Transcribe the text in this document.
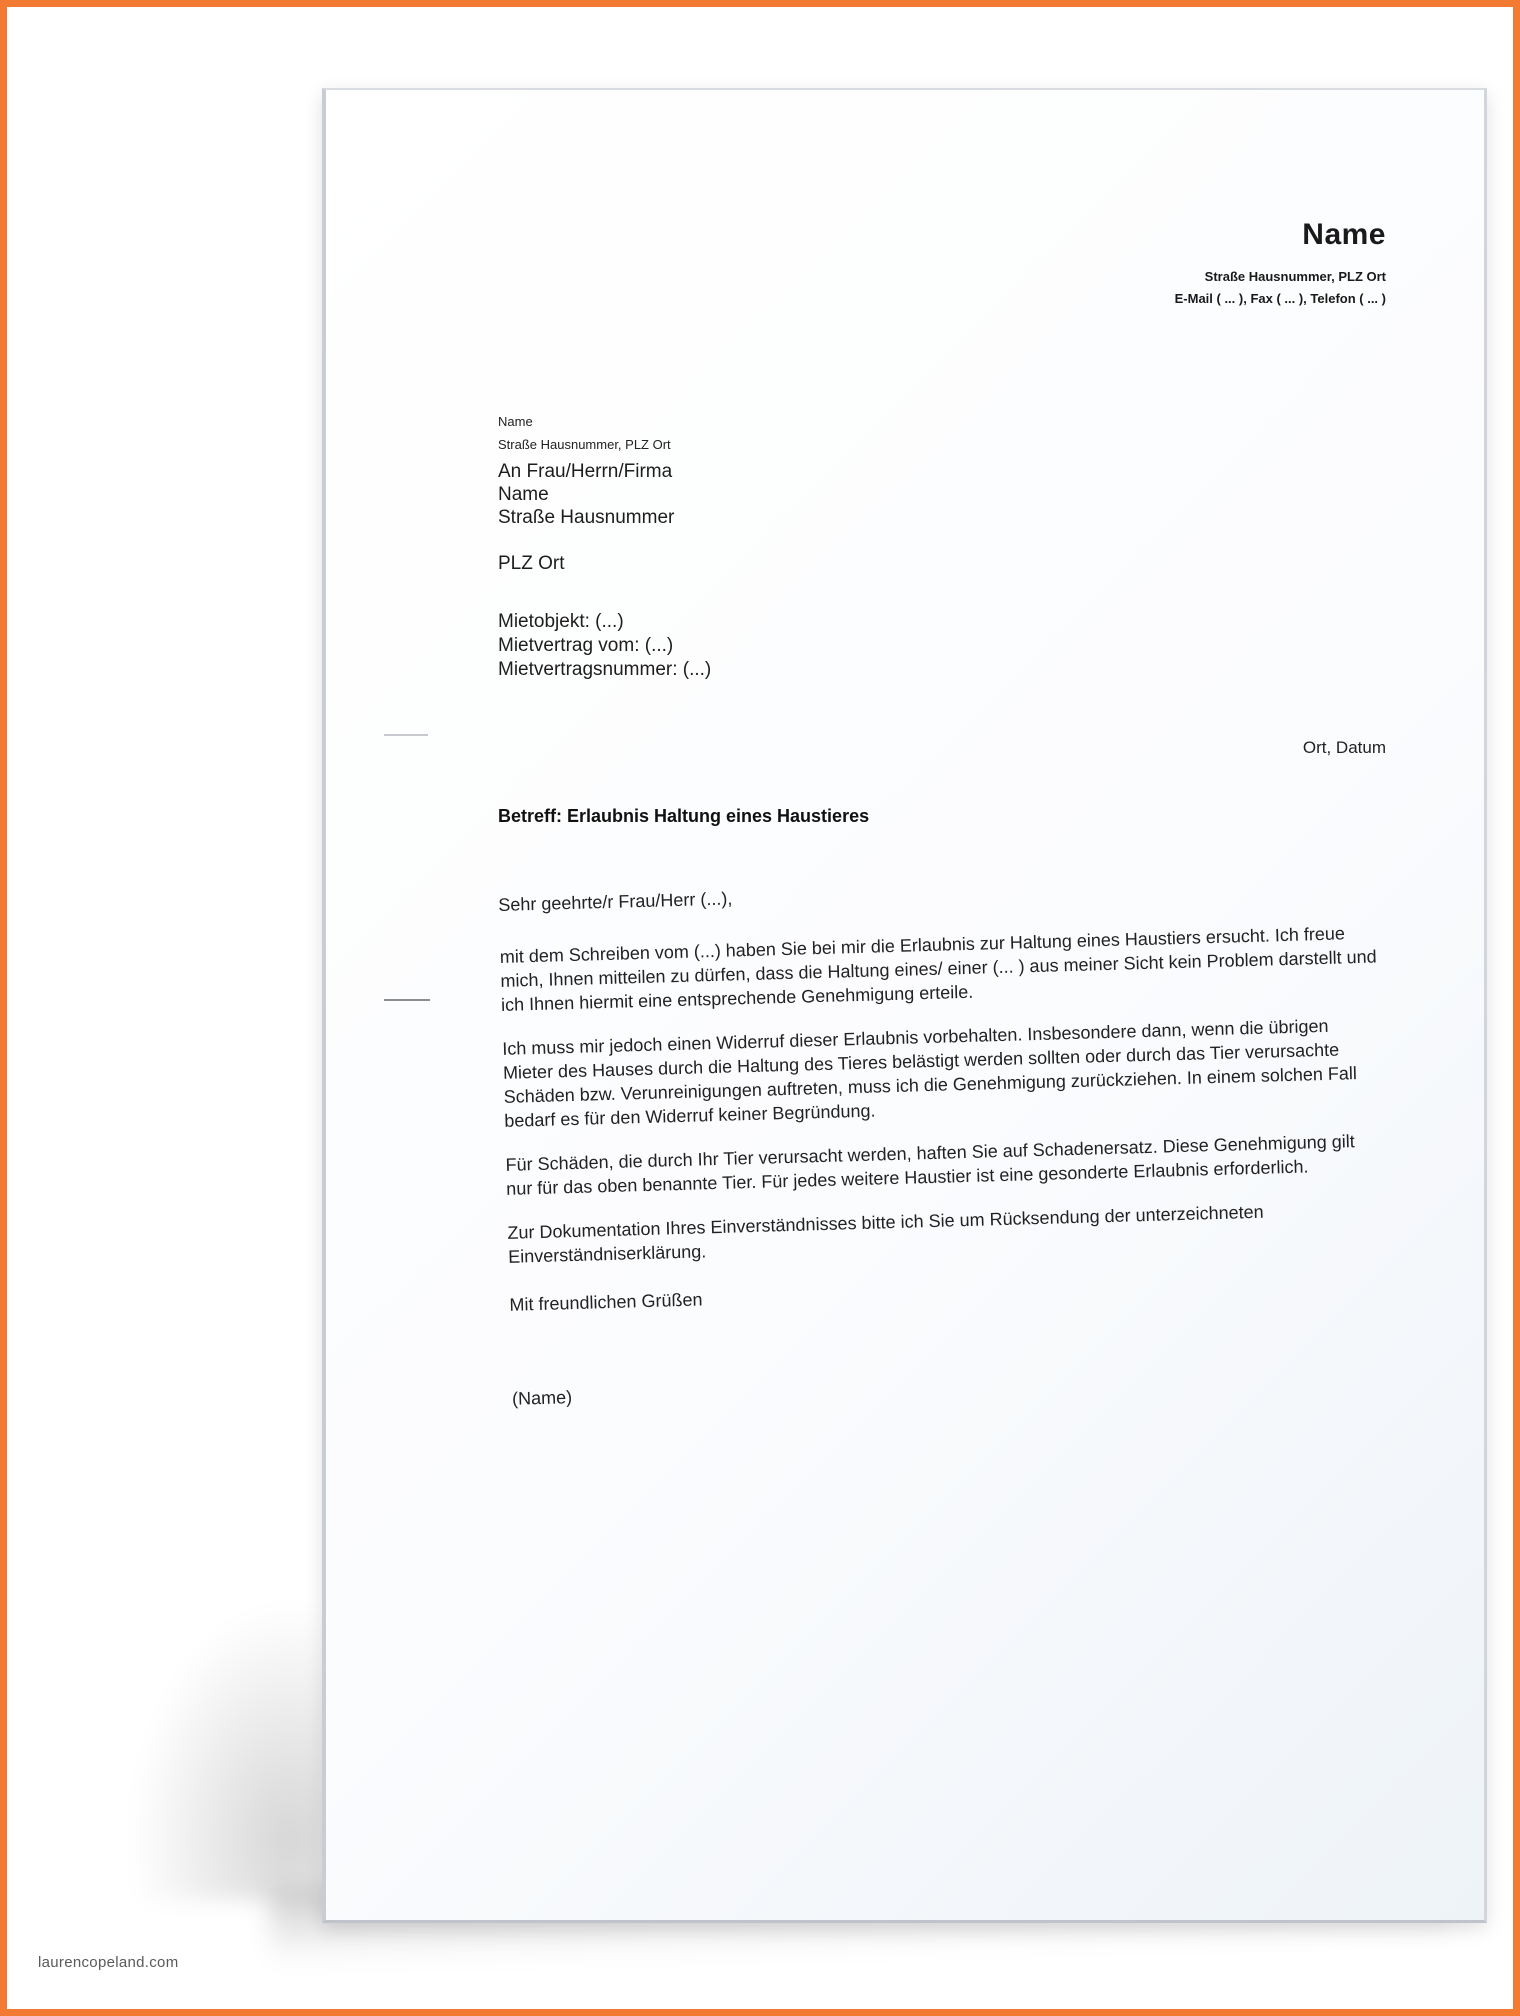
Name
Straße Hausnummer, PLZ Ort
E-Mail ( ... ), Fax ( ... ), Telefon ( ... )
Name
Straße Hausnummer, PLZ Ort
An Frau/Herrn/Firma
Name
Straße Hausnummer
PLZ Ort
Mietobjekt: (...)
Mietvertrag vom: (...)
Mietvertragsnummer: (...)
Ort, Datum
Betreff: Erlaubnis Haltung eines Haustieres

Sehr geehrte/r Frau/Herr (...),

mit dem Schreiben vom (...) haben Sie bei mir die Erlaubnis zur Haltung eines Haustiers ersucht. Ich freue mich, Ihnen mitteilen zu dürfen, dass die Haltung eines/ einer (... ) aus meiner Sicht kein Problem darstellt und ich Ihnen hiermit eine entsprechende Genehmigung erteile.

Ich muss mir jedoch einen Widerruf dieser Erlaubnis vorbehalten. Insbesondere dann, wenn die übrigen Mieter des Hauses durch die Haltung des Tieres belästigt werden sollten oder durch das Tier verursachte Schäden bzw. Verunreinigungen auftreten, muss ich die Genehmigung zurückziehen. In einem solchen Fall bedarf es für den Widerruf keiner Begründung.

Für Schäden, die durch Ihr Tier verursacht werden, haften Sie auf Schadenersatz. Diese Genehmigung gilt nur für das oben benannte Tier. Für jedes weitere Haustier ist eine gesonderte Erlaubnis erforderlich.

Zur Dokumentation Ihres Einverständnisses bitte ich Sie um Rücksendung der unterzeichneten Einverständniserklärung.

Mit freundlichen Grüßen

(Name)

laurencopeland.com
